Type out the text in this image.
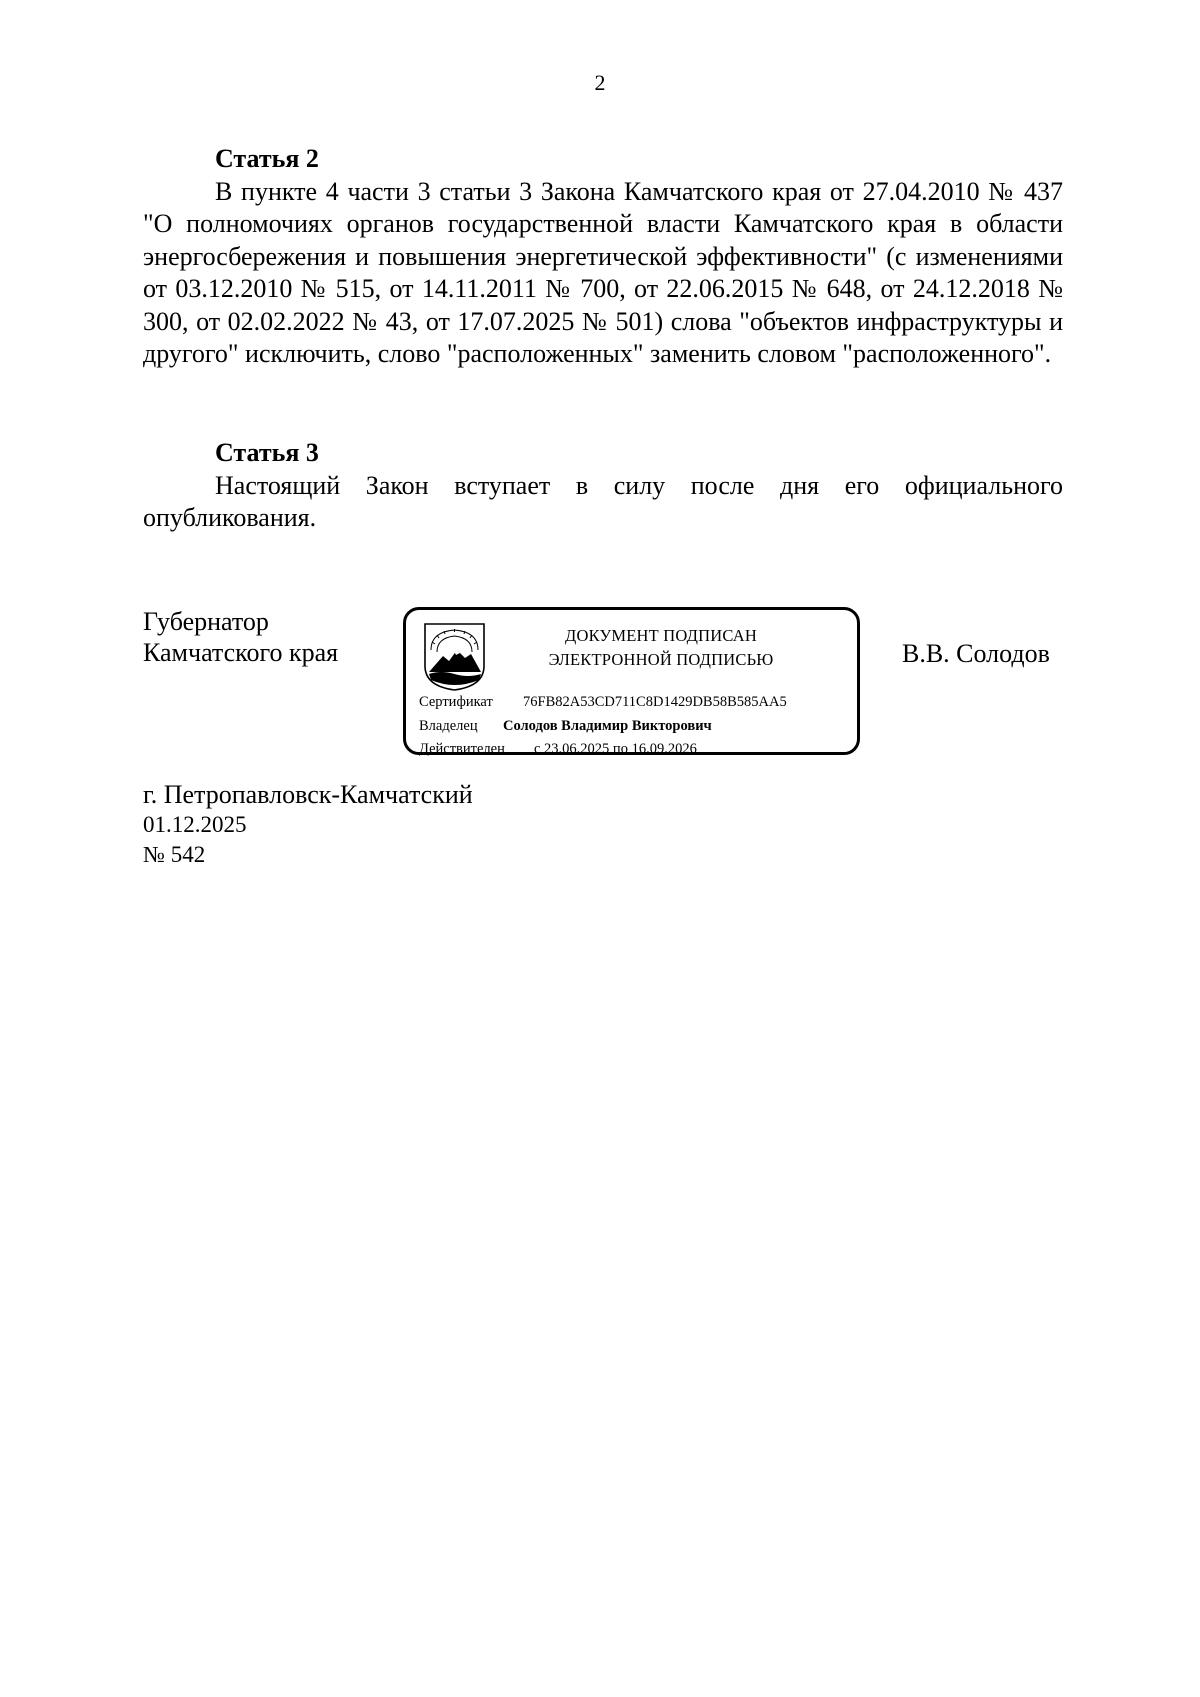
2
Статья 2
В пункте 4 части 3 статьи 3 Закона Камчатского края от 27.04.2010 № 437 "О полномочиях органов государственной власти Камчатского края в области энергосбережения и повышения энергетической эффективности" (с изменениями от 03.12.2010 № 515, от 14.11.2011 № 700, от 22.06.2015 № 648, от 24.12.2018 № 300, от 02.02.2022 № 43, от 17.07.2025 № 501) слова "объектов инфраструктуры и другого" исключить, слово "расположенных" заменить словом "расположенного".
Статья 3
Настоящий Закон вступает в силу после дня его официального опубликования.
Губернатор
Камчатского края
ДОКУМЕНТ ПОДПИСАН
ЭЛЕКТРОННОЙ ПОДПИСЬЮ
Сертификат 76FB82A53CD711C8D1429DB58B585AA5
Владелец Солодов Владимир Викторович
Действителен с 23.06.2025 по 16.09.2026
В.В. Солодов
г. Петропавловск-Камчатский
01.12.2025
№ 542
